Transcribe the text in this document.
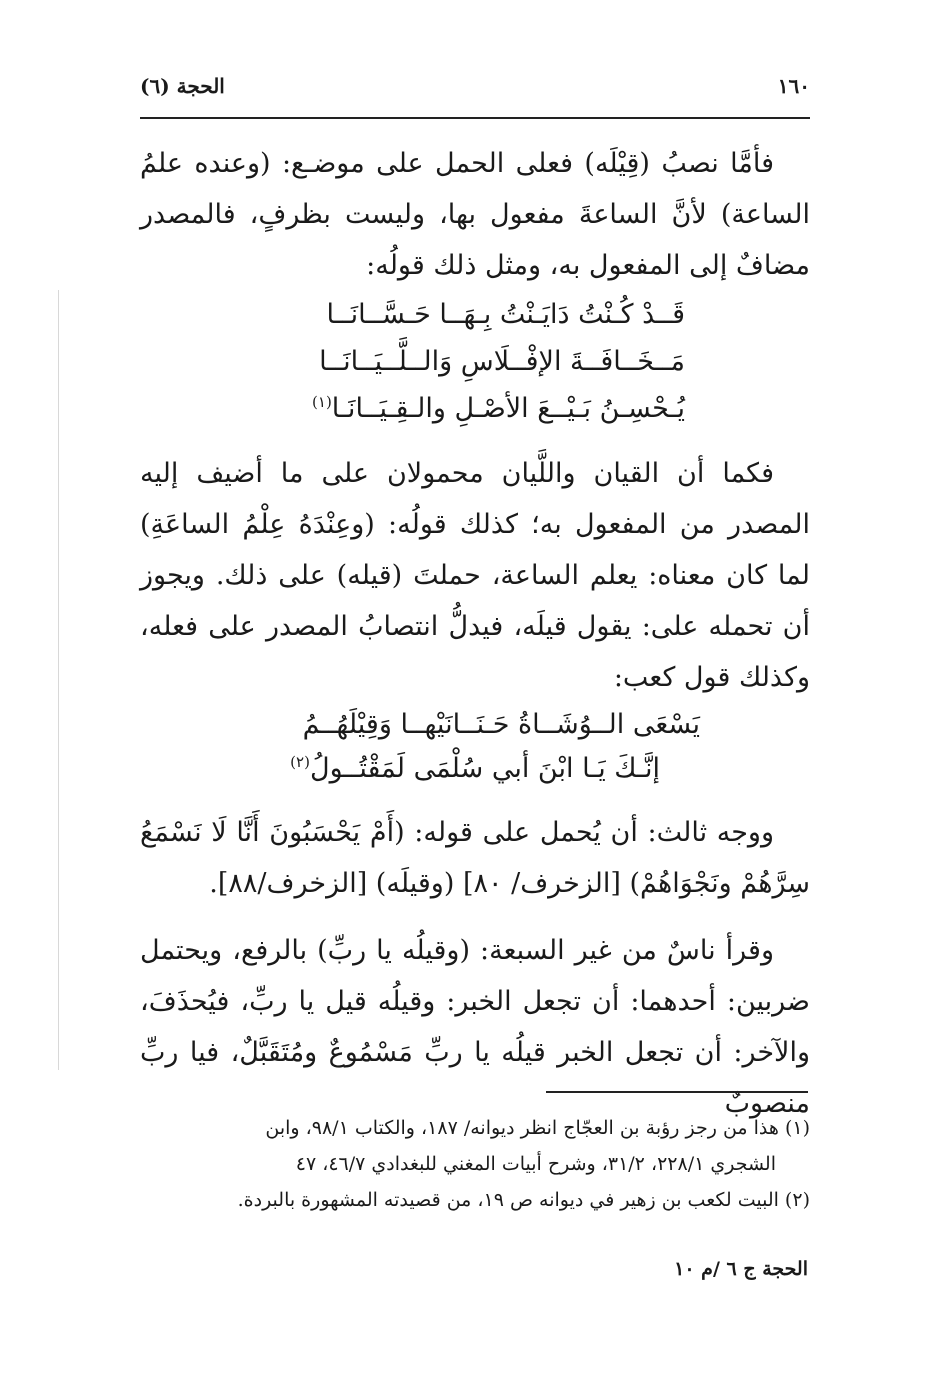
١٦٠
الحجة (٦)

فأمَّا نصبُ (قِيْلَه) فعلى الحمل على موضـع: (وعنده علمُ الساعة) لأنَّ الساعةَ مفعول بها، وليست بظرفٍ، فالمصدر مضافٌ إلى المفعول به، ومثل ذلك قولُه:

قَــدْ كُـنْتُ دَايَـنْتُ بِـهَــا حَـسَّــانَــا
مَــخَــافَــةَ الإفْــلَاسِ وَالــلَّــيَــانَــا
يُـحْسِـنُ بَـيْــعَ الأصْـلِ والـقِـيَــانَـا$^{(١)}$

فكما أن القيان واللَّيان محمولان على ما أضيف إليه المصدر من المفعول به؛ كذلك قولُه: (وعِنْدَهُ عِلْمُ الساعَةِ) لما كان معناه: يعلم الساعة، حملتَ (قيله) على ذلك. ويجوز أن تحمله على: يقول قيلَه، فيدلُّ انتصابُ المصدر على فعله، وكذلك قول كعب:

يَسْعَى الــوُشَــاةُ حَـنَــانَيْهــا وَقِيْلَهُــمُ
إنَّـكَ يَـا ابْنَ أبي سُلْمَى لَمَقْتُــولُ$^{(٢)}$

ووجه ثالث: أن يُحمل على قوله: (أَمْ يَحْسَبُونَ أَنَّا لَا نَسْمَعُ سِرَّهُمْ ونَجْوَاهُمْ) [الزخرف/ ٨٠] (وقيلَه) [الزخرف/٨٨].

وقرأ ناسٌ من غير السبعة: (وقيلُه يا ربِّ) بالرفع، ويحتمل ضربين: أحدهما: أن تجعل الخبر: وقيلُه قيل يا ربِّ، فيُحذَفَ، والآخر: أن تجعل الخبر قيلُه يا ربِّ مَسْمُوعٌ ومُتَقَبَّلٌ، فيا ربِّ منصوبٌ

(١) هذا من رجز رؤبة بن العجّاج انظر ديوانه/ ١٨٧، والكتاب ٩٨/١، وابن

الشجري ٢٢٨/١، ٣١/٢، وشرح أبيات المغني للبغدادي ٤٦/٧، ٤٧

(٢) البيت لكعب بن زهير في ديوانه ص ١٩، من قصيدته المشهورة بالبردة.

الحجة ج ٦ /م ١٠
